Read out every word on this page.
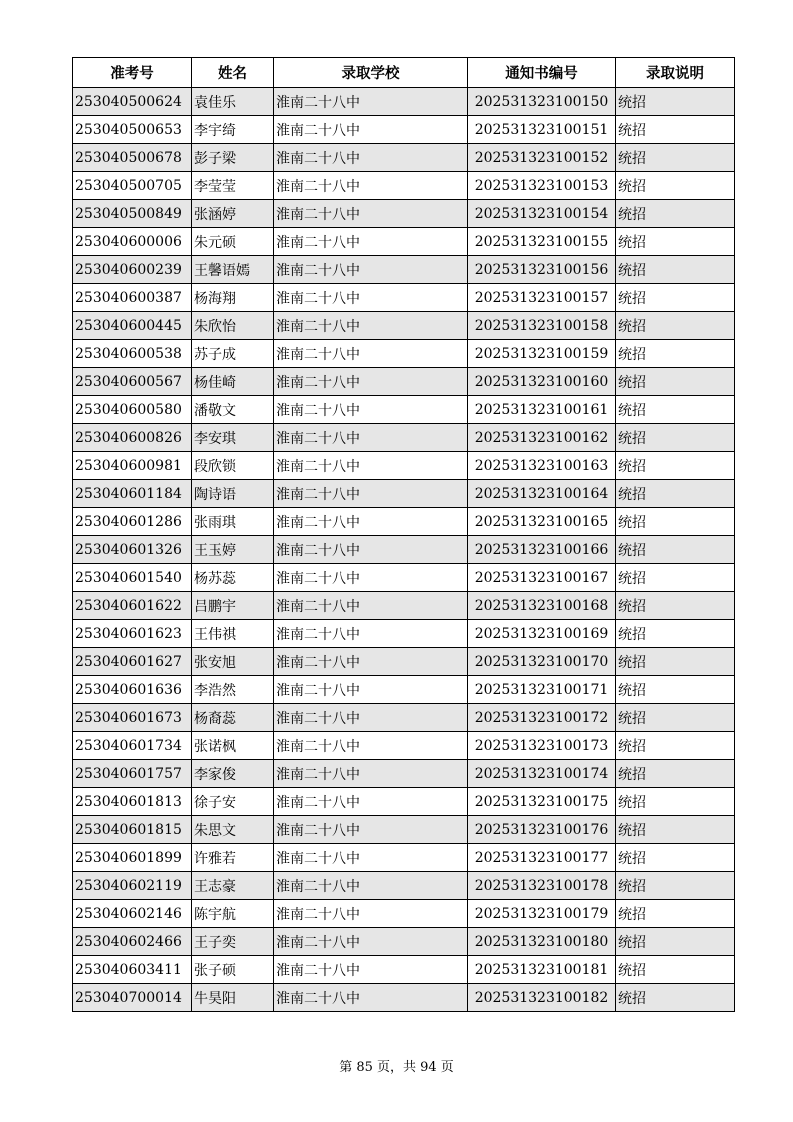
准考号	姓名	录取学校	通知书编号	录取说明
253040500624	袁佳乐	淮南二十八中	202531323100150	统招
253040500653	李宇绮	淮南二十八中	202531323100151	统招
253040500678	彭子梁	淮南二十八中	202531323100152	统招
253040500705	李莹莹	淮南二十八中	202531323100153	统招
253040500849	张涵婷	淮南二十八中	202531323100154	统招
253040600006	朱元硕	淮南二十八中	202531323100155	统招
253040600239	王馨语嫣	淮南二十八中	202531323100156	统招
253040600387	杨海翔	淮南二十八中	202531323100157	统招
253040600445	朱欣怡	淮南二十八中	202531323100158	统招
253040600538	苏子成	淮南二十八中	202531323100159	统招
253040600567	杨佳崎	淮南二十八中	202531323100160	统招
253040600580	潘敬文	淮南二十八中	202531323100161	统招
253040600826	李安琪	淮南二十八中	202531323100162	统招
253040600981	段欣锁	淮南二十八中	202531323100163	统招
253040601184	陶诗语	淮南二十八中	202531323100164	统招
253040601286	张雨琪	淮南二十八中	202531323100165	统招
253040601326	王玉婷	淮南二十八中	202531323100166	统招
253040601540	杨苏蕊	淮南二十八中	202531323100167	统招
253040601622	吕鹏宇	淮南二十八中	202531323100168	统招
253040601623	王伟祺	淮南二十八中	202531323100169	统招
253040601627	张安旭	淮南二十八中	202531323100170	统招
253040601636	李浩然	淮南二十八中	202531323100171	统招
253040601673	杨裔蕊	淮南二十八中	202531323100172	统招
253040601734	张诺枫	淮南二十八中	202531323100173	统招
253040601757	李家俊	淮南二十八中	202531323100174	统招
253040601813	徐子安	淮南二十八中	202531323100175	统招
253040601815	朱思文	淮南二十八中	202531323100176	统招
253040601899	许雅若	淮南二十八中	202531323100177	统招
253040602119	王志豪	淮南二十八中	202531323100178	统招
253040602146	陈宇航	淮南二十八中	202531323100179	统招
253040602466	王子奕	淮南二十八中	202531323100180	统招
253040603411	张子硕	淮南二十八中	202531323100181	统招
253040700014	牛昊阳	淮南二十八中	202531323100182	统招
第 85 页，共 94 页
